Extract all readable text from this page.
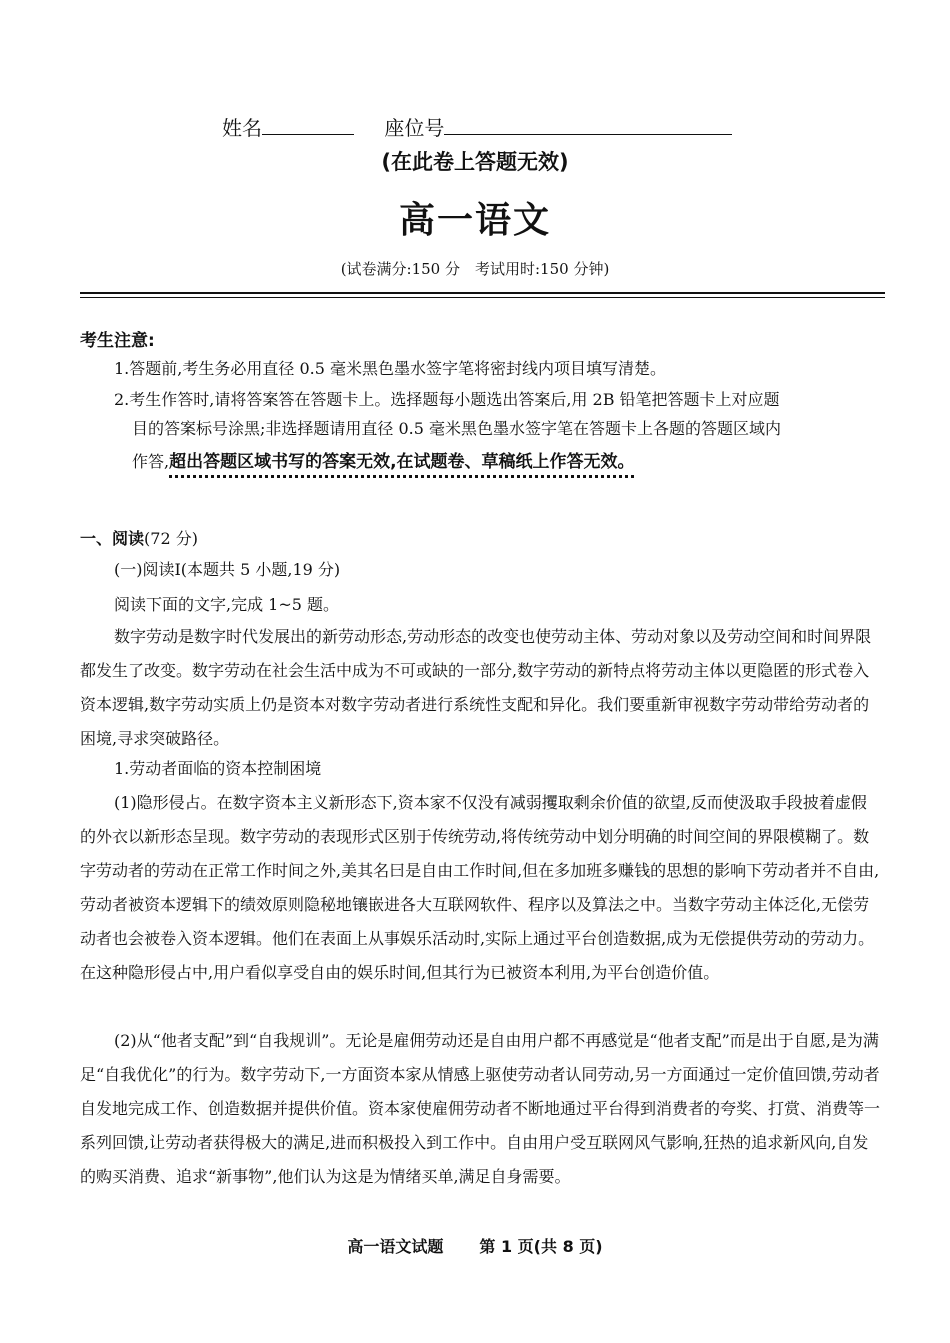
姓名	座位号
(在此卷上答题无效)
高一语文
(试卷满分:150 分　考试用时:150 分钟)
考生注意:
1.答题前,考生务必用直径 0.5 毫米黑色墨水签字笔将密封线内项目填写清楚。
2.考生作答时,请将答案答在答题卡上。选择题每小题选出答案后,用 2B 铅笔把答题卡上对应题
目的答案标号涂黑;非选择题请用直径 0.5 毫米黑色墨水签字笔在答题卡上各题的答题区域内
作答,超出答题区域书写的答案无效,在试题卷、草稿纸上作答无效。
一、阅读(72 分)
(一)阅读Ⅰ(本题共 5 小题,19 分)
阅读下面的文字,完成 1~5 题。
数字劳动是数字时代发展出的新劳动形态,劳动形态的改变也使劳动主体、劳动对象以及劳动空间和时间界限都发生了改变。数字劳动在社会生活中成为不可或缺的一部分,数字劳动的新特点将劳动主体以更隐匿的形式卷入资本逻辑,数字劳动实质上仍是资本对数字劳动者进行系统性支配和异化。我们要重新审视数字劳动带给劳动者的困境,寻求突破路径。
1.劳动者面临的资本控制困境
(1)隐形侵占。在数字资本主义新形态下,资本家不仅没有减弱攫取剩余价值的欲望,反而使汲取手段披着虚假的外衣以新形态呈现。数字劳动的表现形式区别于传统劳动,将传统劳动中划分明确的时间空间的界限模糊了。数字劳动者的劳动在正常工作时间之外,美其名曰是自由工作时间,但在多加班多赚钱的思想的影响下劳动者并不自由,劳动者被资本逻辑下的绩效原则隐秘地镶嵌进各大互联网软件、程序以及算法之中。当数字劳动主体泛化,无偿劳动者也会被卷入资本逻辑。他们在表面上从事娱乐活动时,实际上通过平台创造数据,成为无偿提供劳动的劳动力。在这种隐形侵占中,用户看似享受自由的娱乐时间,但其行为已被资本利用,为平台创造价值。
(2)从“他者支配”到“自我规训”。无论是雇佣劳动还是自由用户都不再感觉是“他者支配”而是出于自愿,是为满足“自我优化”的行为。数字劳动下,一方面资本家从情感上驱使劳动者认同劳动,另一方面通过一定价值回馈,劳动者自发地完成工作、创造数据并提供价值。资本家使雇佣劳动者不断地通过平台得到消费者的夸奖、打赏、消费等一系列回馈,让劳动者获得极大的满足,进而积极投入到工作中。自由用户受互联网风气影响,狂热的追求新风向,自发的购买消费、追求“新事物”,他们认为这是为情绪买单,满足自身需要。
高一语文试题 第 1 页(共 8 页)
